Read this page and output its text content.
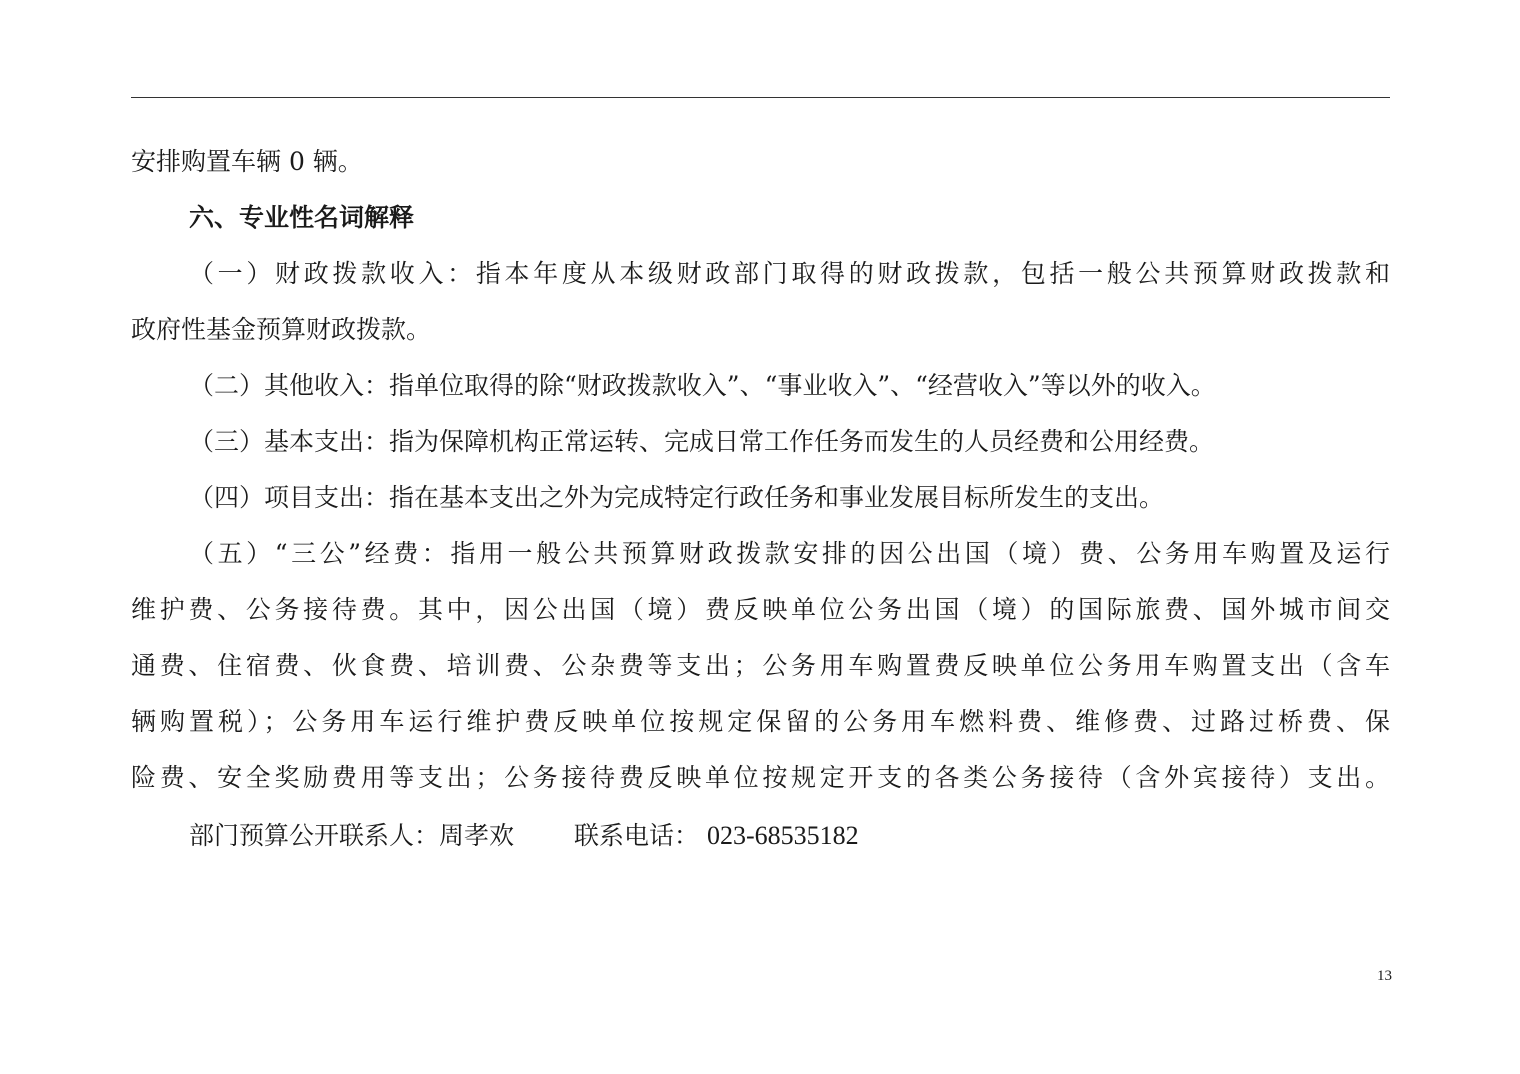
安排购置车辆 0 辆。
六、专业性名词解释
（一）财政拨款收入：指本年度从本级财政部门取得的财政拨款，包括一般公共预算财政拨款和
政府性基金预算财政拨款。
（二）其他收入：指单位取得的除“财政拨款收入”、“事业收入”、“经营收入”等以外的收入。
（三）基本支出：指为保障机构正常运转、完成日常工作任务而发生的人员经费和公用经费。
（四）项目支出：指在基本支出之外为完成特定行政任务和事业发展目标所发生的支出。
（五）“三公”经费：指用一般公共预算财政拨款安排的因公出国（境）费、公务用车购置及运行
维护费、公务接待费。其中，因公出国（境）费反映单位公务出国（境）的国际旅费、国外城市间交
通费、住宿费、伙食费、培训费、公杂费等支出；公务用车购置费反映单位公务用车购置支出（含车
辆购置税）；公务用车运行维护费反映单位按规定保留的公务用车燃料费、维修费、过路过桥费、保
险费、安全奖励费用等支出；公务接待费反映单位按规定开支的各类公务接待（含外宾接待）支出。
部门预算公开联系人：周孝欢 联系电话： 023-68535182
13
